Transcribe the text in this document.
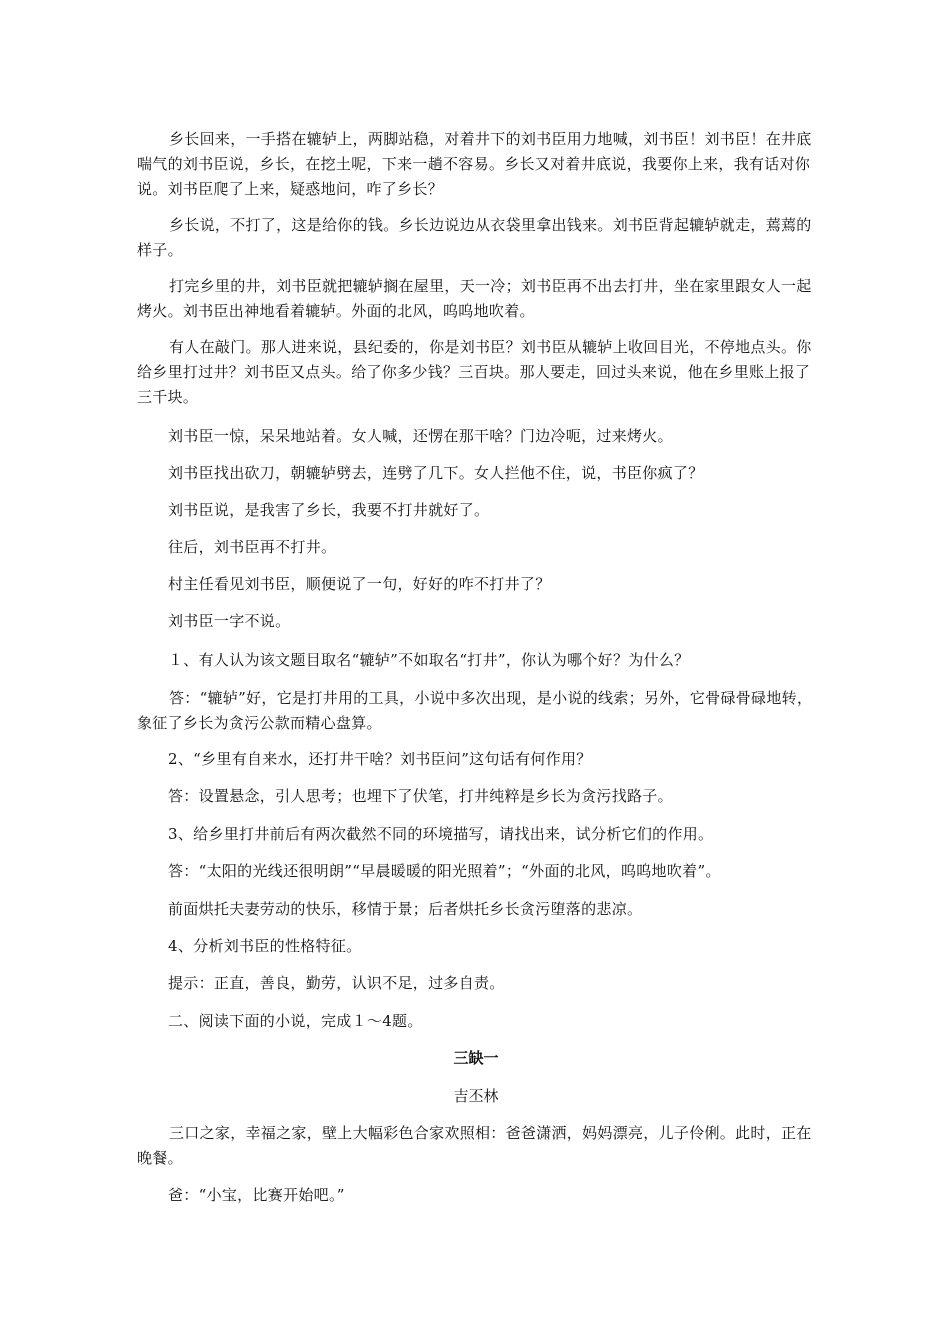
乡长回来，一手搭在辘轳上，两脚站稳，对着井下的刘书臣用力地喊，刘书臣！刘书臣！在井底喘气的刘书臣说，乡长，在挖土呢，下来一趟不容易。乡长又对着井底说，我要你上来，我有话对你说。刘书臣爬了上来，疑惑地问，咋了乡长？

乡长说，不打了，这是给你的钱。乡长边说边从衣袋里拿出钱来。刘书臣背起辘轳就走，蔫蔫的样子。

打完乡里的井，刘书臣就把辘轳搁在屋里，天一冷；刘书臣再不出去打井，坐在家里跟女人一起烤火。刘书臣出神地看着辘轳。外面的北风，呜呜地吹着。

有人在敲门。那人进来说，县纪委的，你是刘书臣？刘书臣从辘轳上收回目光，不停地点头。你给乡里打过井？刘书臣又点头。给了你多少钱？三百块。那人要走，回过头来说，他在乡里账上报了三千块。

刘书臣一惊，呆呆地站着。女人喊，还愣在那干啥？门边冷呃，过来烤火。

刘书臣找出砍刀，朝辘轳劈去，连劈了几下。女人拦他不住，说，书臣你疯了？

刘书臣说，是我害了乡长，我要不打井就好了。

往后，刘书臣再不打井。

村主任看见刘书臣，顺便说了一句，好好的咋不打井了？

刘书臣一字不说。

１、有人认为该文题目取名“辘轳”不如取名“打井”，你认为哪个好？为什么？

答：“辘轳”好，它是打井用的工具，小说中多次出现，是小说的线索；另外，它骨碌骨碌地转，象征了乡长为贪污公款而精心盘算。

2、“乡里有自来水，还打井干啥？刘书臣问”这句话有何作用？

答：设置悬念，引人思考；也埋下了伏笔，打井纯粹是乡长为贪污找路子。

3、给乡里打井前后有两次截然不同的环境描写，请找出来，试分析它们的作用。

答：“太阳的光线还很明朗”“早晨暖暖的阳光照着”；“外面的北风，呜呜地吹着”。

前面烘托夫妻劳动的快乐，移情于景；后者烘托乡长贪污堕落的悲凉。

4、分析刘书臣的性格特征。

提示：正直，善良，勤劳，认识不足，过多自责。

二、阅读下面的小说，完成１～4题。

三缺一

吉丕林

三口之家，幸福之家，壁上大幅彩色合家欢照相：爸爸潇洒，妈妈漂亮，儿子伶俐。此时，正在晚餐。

爸：“小宝，比赛开始吧。”
